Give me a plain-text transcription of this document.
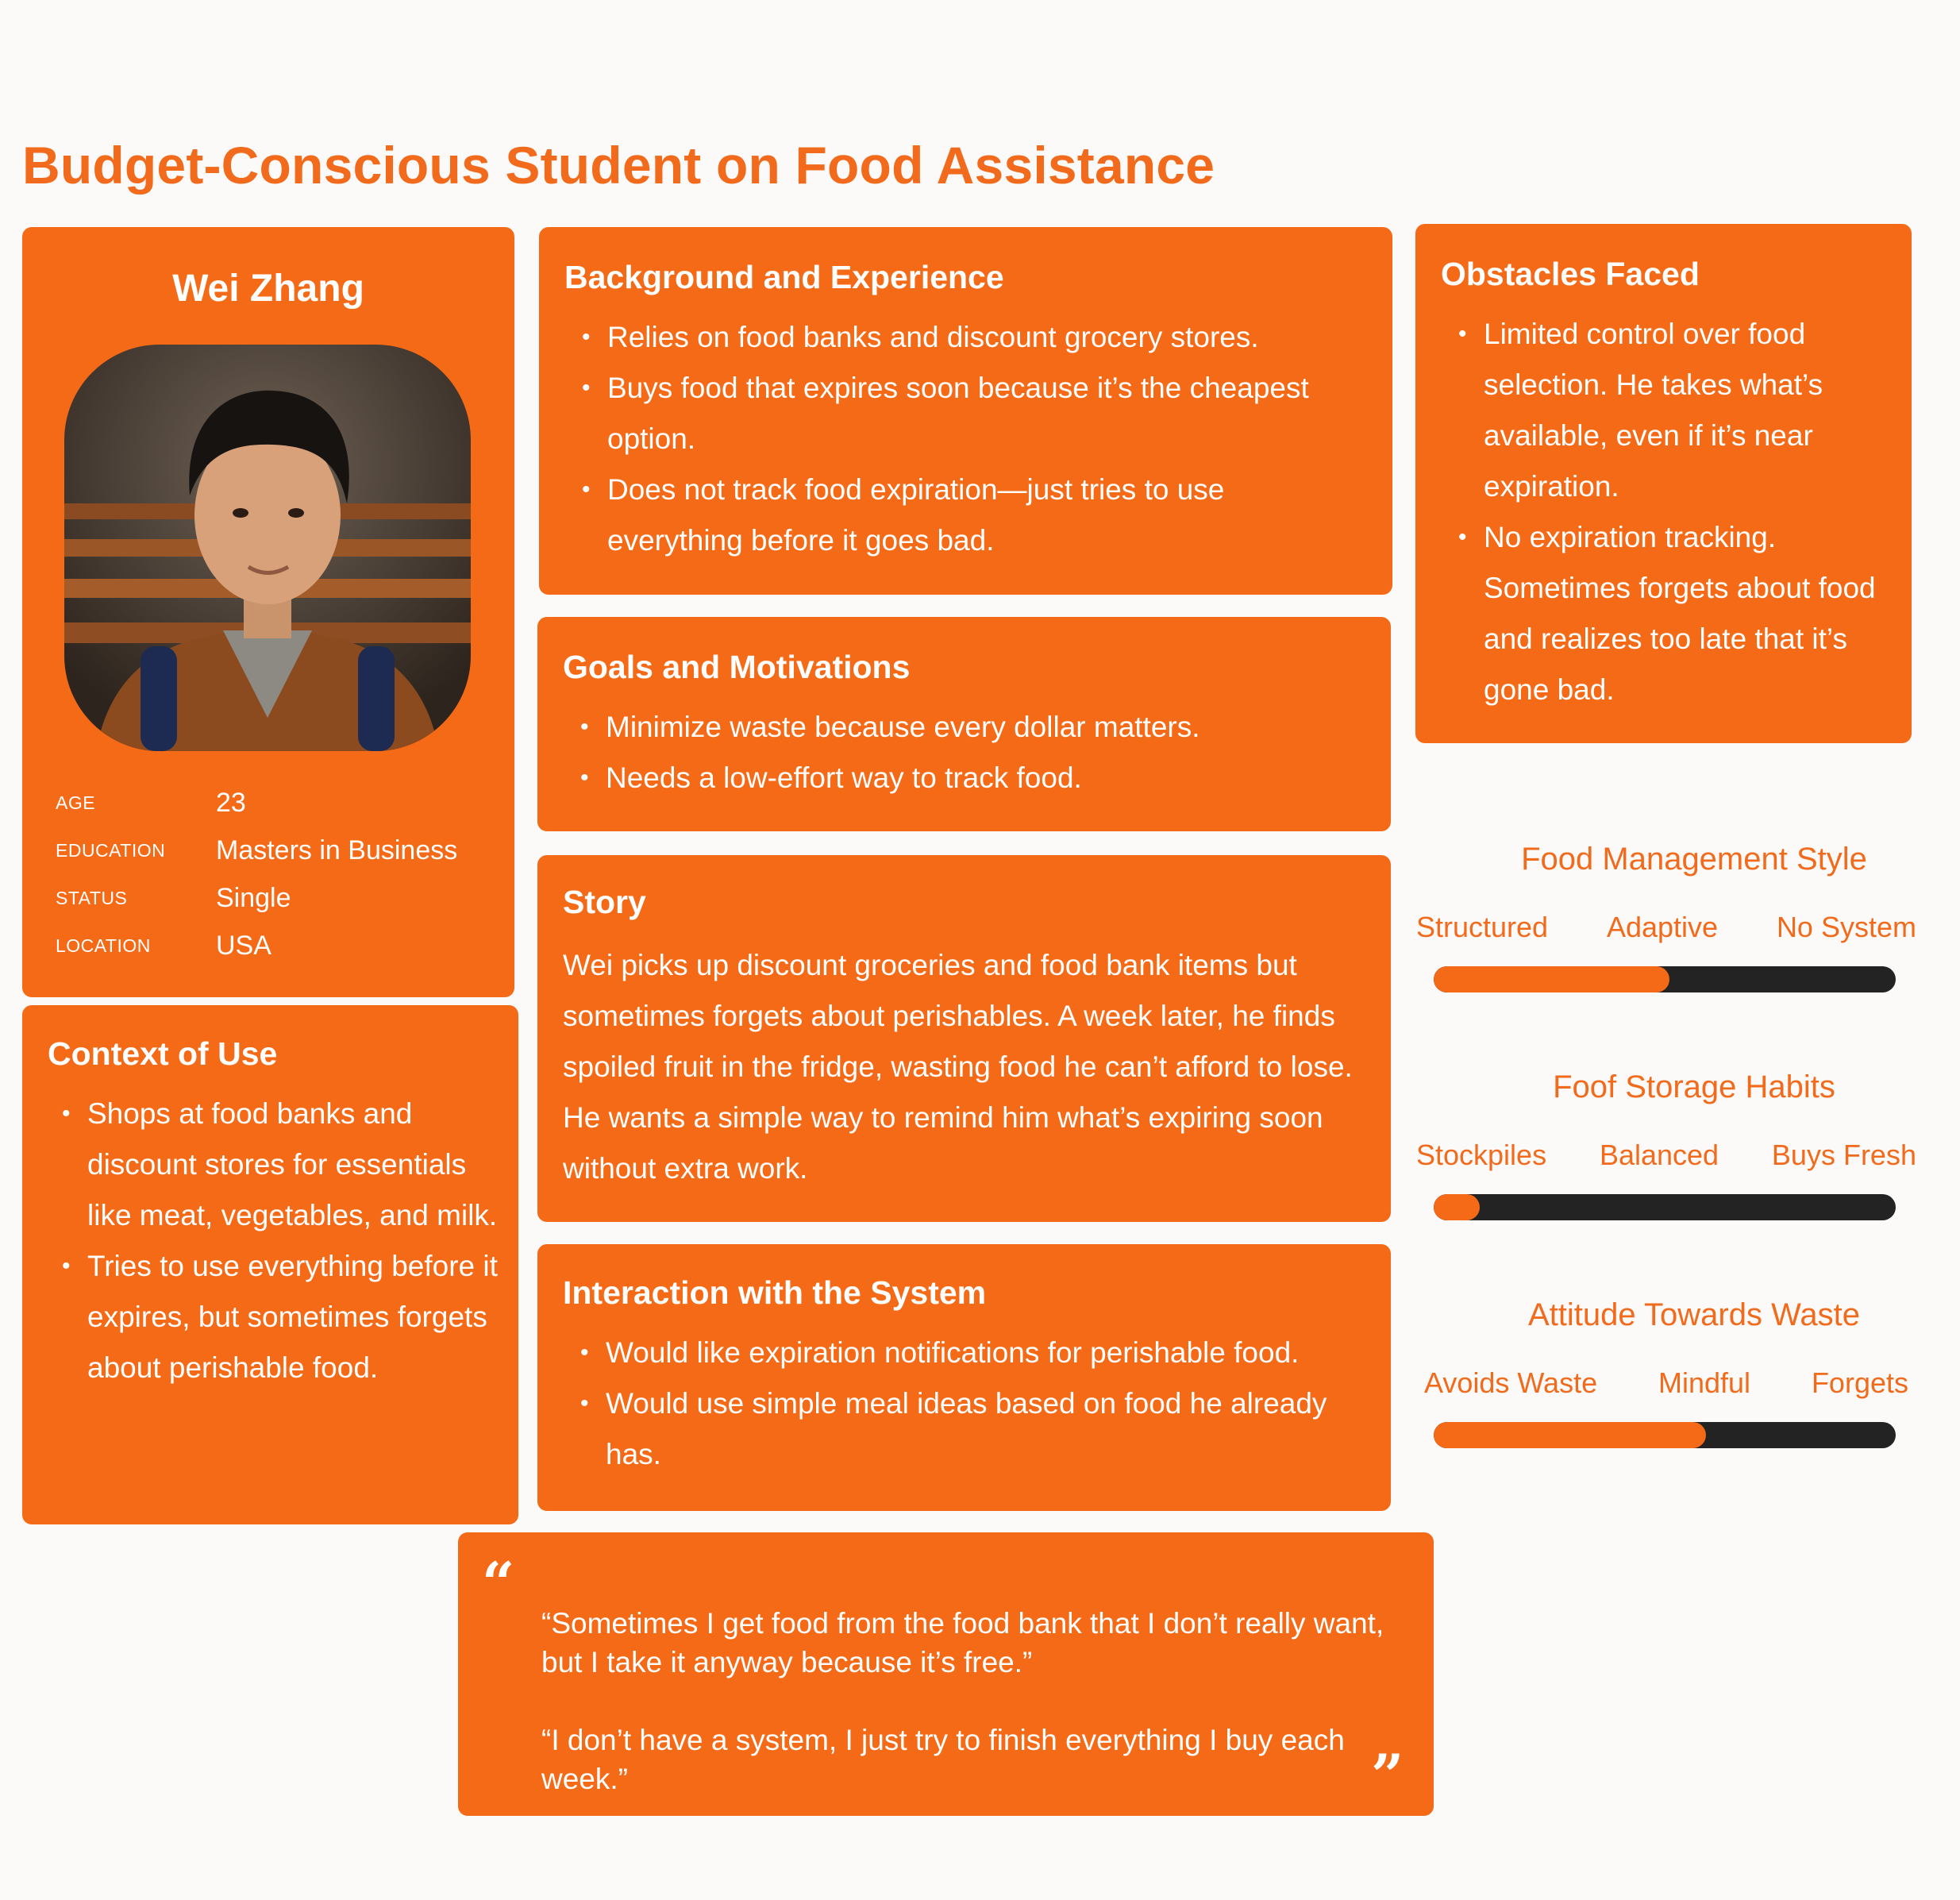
Budget-Conscious Student on Food Assistance
Wei Zhang
AGE	23
EDUCATION	Masters in Business
STATUS	Single
LOCATION	USA
Context of Use
• Shops at food banks and discount stores for essentials like meat, vegetables, and milk.
• Tries to use everything before it expires, but sometimes forgets about perishable food.
Background and Experience
• Relies on food banks and discount grocery stores.
• Buys food that expires soon because it’s the cheapest option.
• Does not track food expiration—just tries to use everything before it goes bad.
Goals and Motivations
• Minimize waste because every dollar matters.
• Needs a low-effort way to track food.
Story

Wei picks up discount groceries and food bank items but sometimes forgets about perishables. A week later, he finds spoiled fruit in the fridge, wasting food he can’t afford to lose. He wants a simple way to remind him what’s expiring soon without extra work.

Interaction with the System
• Would like expiration notifications for perishable food.
• Would use simple meal ideas based on food he already has.
Obstacles Faced
• Limited control over food selection. He takes what’s available, even if it’s near expiration.
• No expiration tracking. Sometimes forgets about food and realizes too late that it’s gone bad.
Food Management Style
Structured Adaptive No System
Foof Storage Habits
Stockpiles Balanced Buys Fresh
Attitude Towards Waste
Avoids Waste Mindful Forgets
“

“Sometimes I get food from the food bank that I don’t really want, but I take it anyway because it’s free.”

“I don’t have a system, I just try to finish everything I buy each week.”	”
